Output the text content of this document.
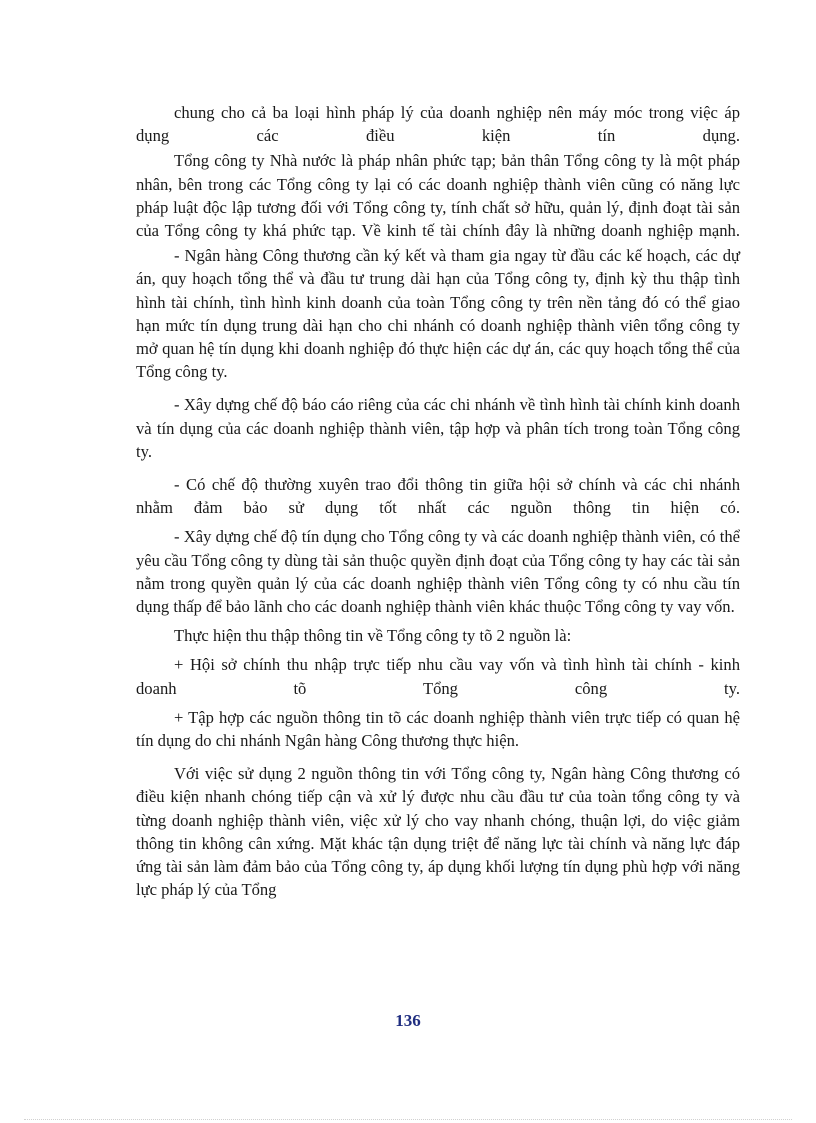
chung cho cả ba loại hình pháp lý của doanh nghiệp nên máy móc trong việc áp dụng các điều kiện tín dụng.

Tổng công ty Nhà nước là pháp nhân phức tạp; bản thân Tổng công ty là một pháp nhân, bên trong các Tổng công ty lại có các doanh nghiệp thành viên cũng có năng lực pháp luật độc lập tương đối với Tổng công ty, tính chất sở hữu, quản lý, định đoạt tài sản của Tổng công ty khá phức tạp. Về kinh tế tài chính đây là những doanh nghiệp mạnh.

- Ngân hàng Công thương cần ký kết và tham gia ngay từ đầu các kế hoạch, các dự án, quy hoạch tổng thể và đầu tư trung dài hạn của Tổng công ty, định kỳ thu thập tình hình tài chính, tình hình kinh doanh của toàn Tổng công ty trên nền tảng đó có thể giao hạn mức tín dụng trung dài hạn cho chi nhánh có doanh nghiệp thành viên tổng công ty mở quan hệ tín dụng khi doanh nghiệp đó thực hiện các dự án, các quy hoạch tổng thể của Tổng công ty.

- Xây dựng chế độ báo cáo riêng của các chi nhánh về tình hình tài chính kinh doanh và tín dụng của các doanh nghiệp thành viên, tập hợp và phân tích trong toàn Tổng công ty.

- Có chế độ thường xuyên trao đổi thông tin giữa hội sở chính và các chi nhánh nhằm đảm bảo sử dụng tốt nhất các nguồn thông tin hiện có.

- Xây dựng chế độ tín dụng cho Tổng công ty và các doanh nghiệp thành viên, có thể yêu cầu Tổng công ty dùng tài sản thuộc quyền định đoạt của Tổng công ty hay các tài sản nằm trong quyền quản lý của các doanh nghiệp thành viên Tổng công ty có nhu cầu tín dụng thấp để bảo lãnh cho các doanh nghiệp thành viên khác thuộc Tổng công ty vay vốn.

Thực hiện thu thập thông tin về Tổng công ty tõ 2 nguồn là:

+ Hội sở chính thu nhập trực tiếp nhu cầu vay vốn và tình hình tài chính - kinh doanh tõ Tổng công ty.

+ Tập hợp các nguồn thông tin tõ các doanh nghiệp thành viên trực tiếp có quan hệ tín dụng do chi nhánh Ngân hàng Công thương thực hiện.

Với việc sử dụng 2 nguồn thông tin với Tổng công ty, Ngân hàng Công thương có điều kiện nhanh chóng tiếp cận và xử lý được nhu cầu đầu tư của toàn tổng công ty và từng doanh nghiệp thành viên, việc xử lý cho vay nhanh chóng, thuận lợi, do việc giảm thông tin không cân xứng. Mặt khác tận dụng triệt để năng lực tài chính và năng lực đáp ứng tài sản làm đảm bảo của Tổng công ty, áp dụng khối lượng tín dụng phù hợp với năng lực pháp lý của Tổng

136
